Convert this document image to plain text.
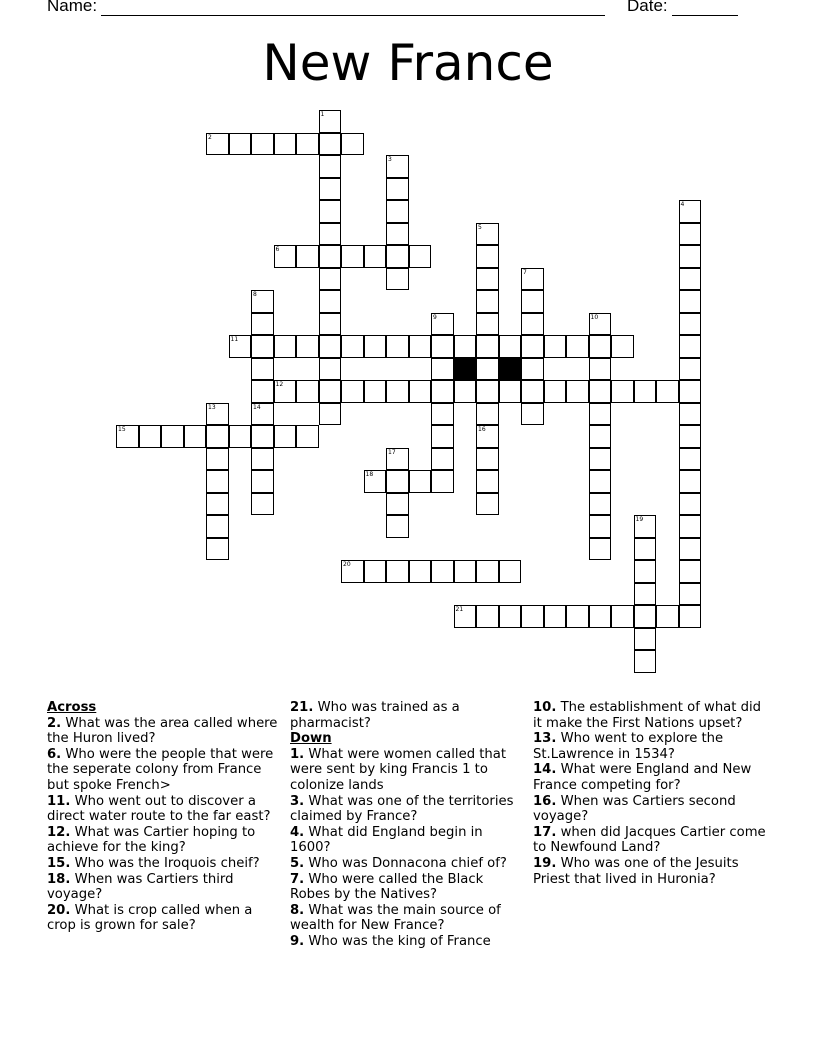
Name:	Date:
New France
2
1
3
4
5
7
8
14
9	10
11
12
13
15	16
17
18
19
20
21
6
Across
2. What was the area called where the Huron lived?
6. Who were the people that were the seperate colony from France but spoke French>
11. Who went out to discover a direct water route to the far east?
12. What was Cartier hoping to achieve for the king?
15. Who was the Iroquois cheif?
18. When was Cartiers third voyage?
20. What is crop called when a crop is grown for sale?
21. Who was trained as a pharmacist?
Down
1. What were women called that were sent by king Francis 1 to colonize lands
3. What was one of the territories claimed by France?
4. What did England begin in 1600?
5. Who was Donnacona chief of?
7. Who were called the Black Robes by the Natives?
8. What was the main source of wealth for New France?
9. Who was the king of France
10. The establishment of what did it make the First Nations upset?
13. Who went to explore the St.Lawrence in 1534?
14. What were England and New France competing for?
16. When was Cartiers second voyage?
17. when did Jacques Cartier come to Newfound Land?
19. Who was one of the Jesuits Priest that lived in Huronia?
